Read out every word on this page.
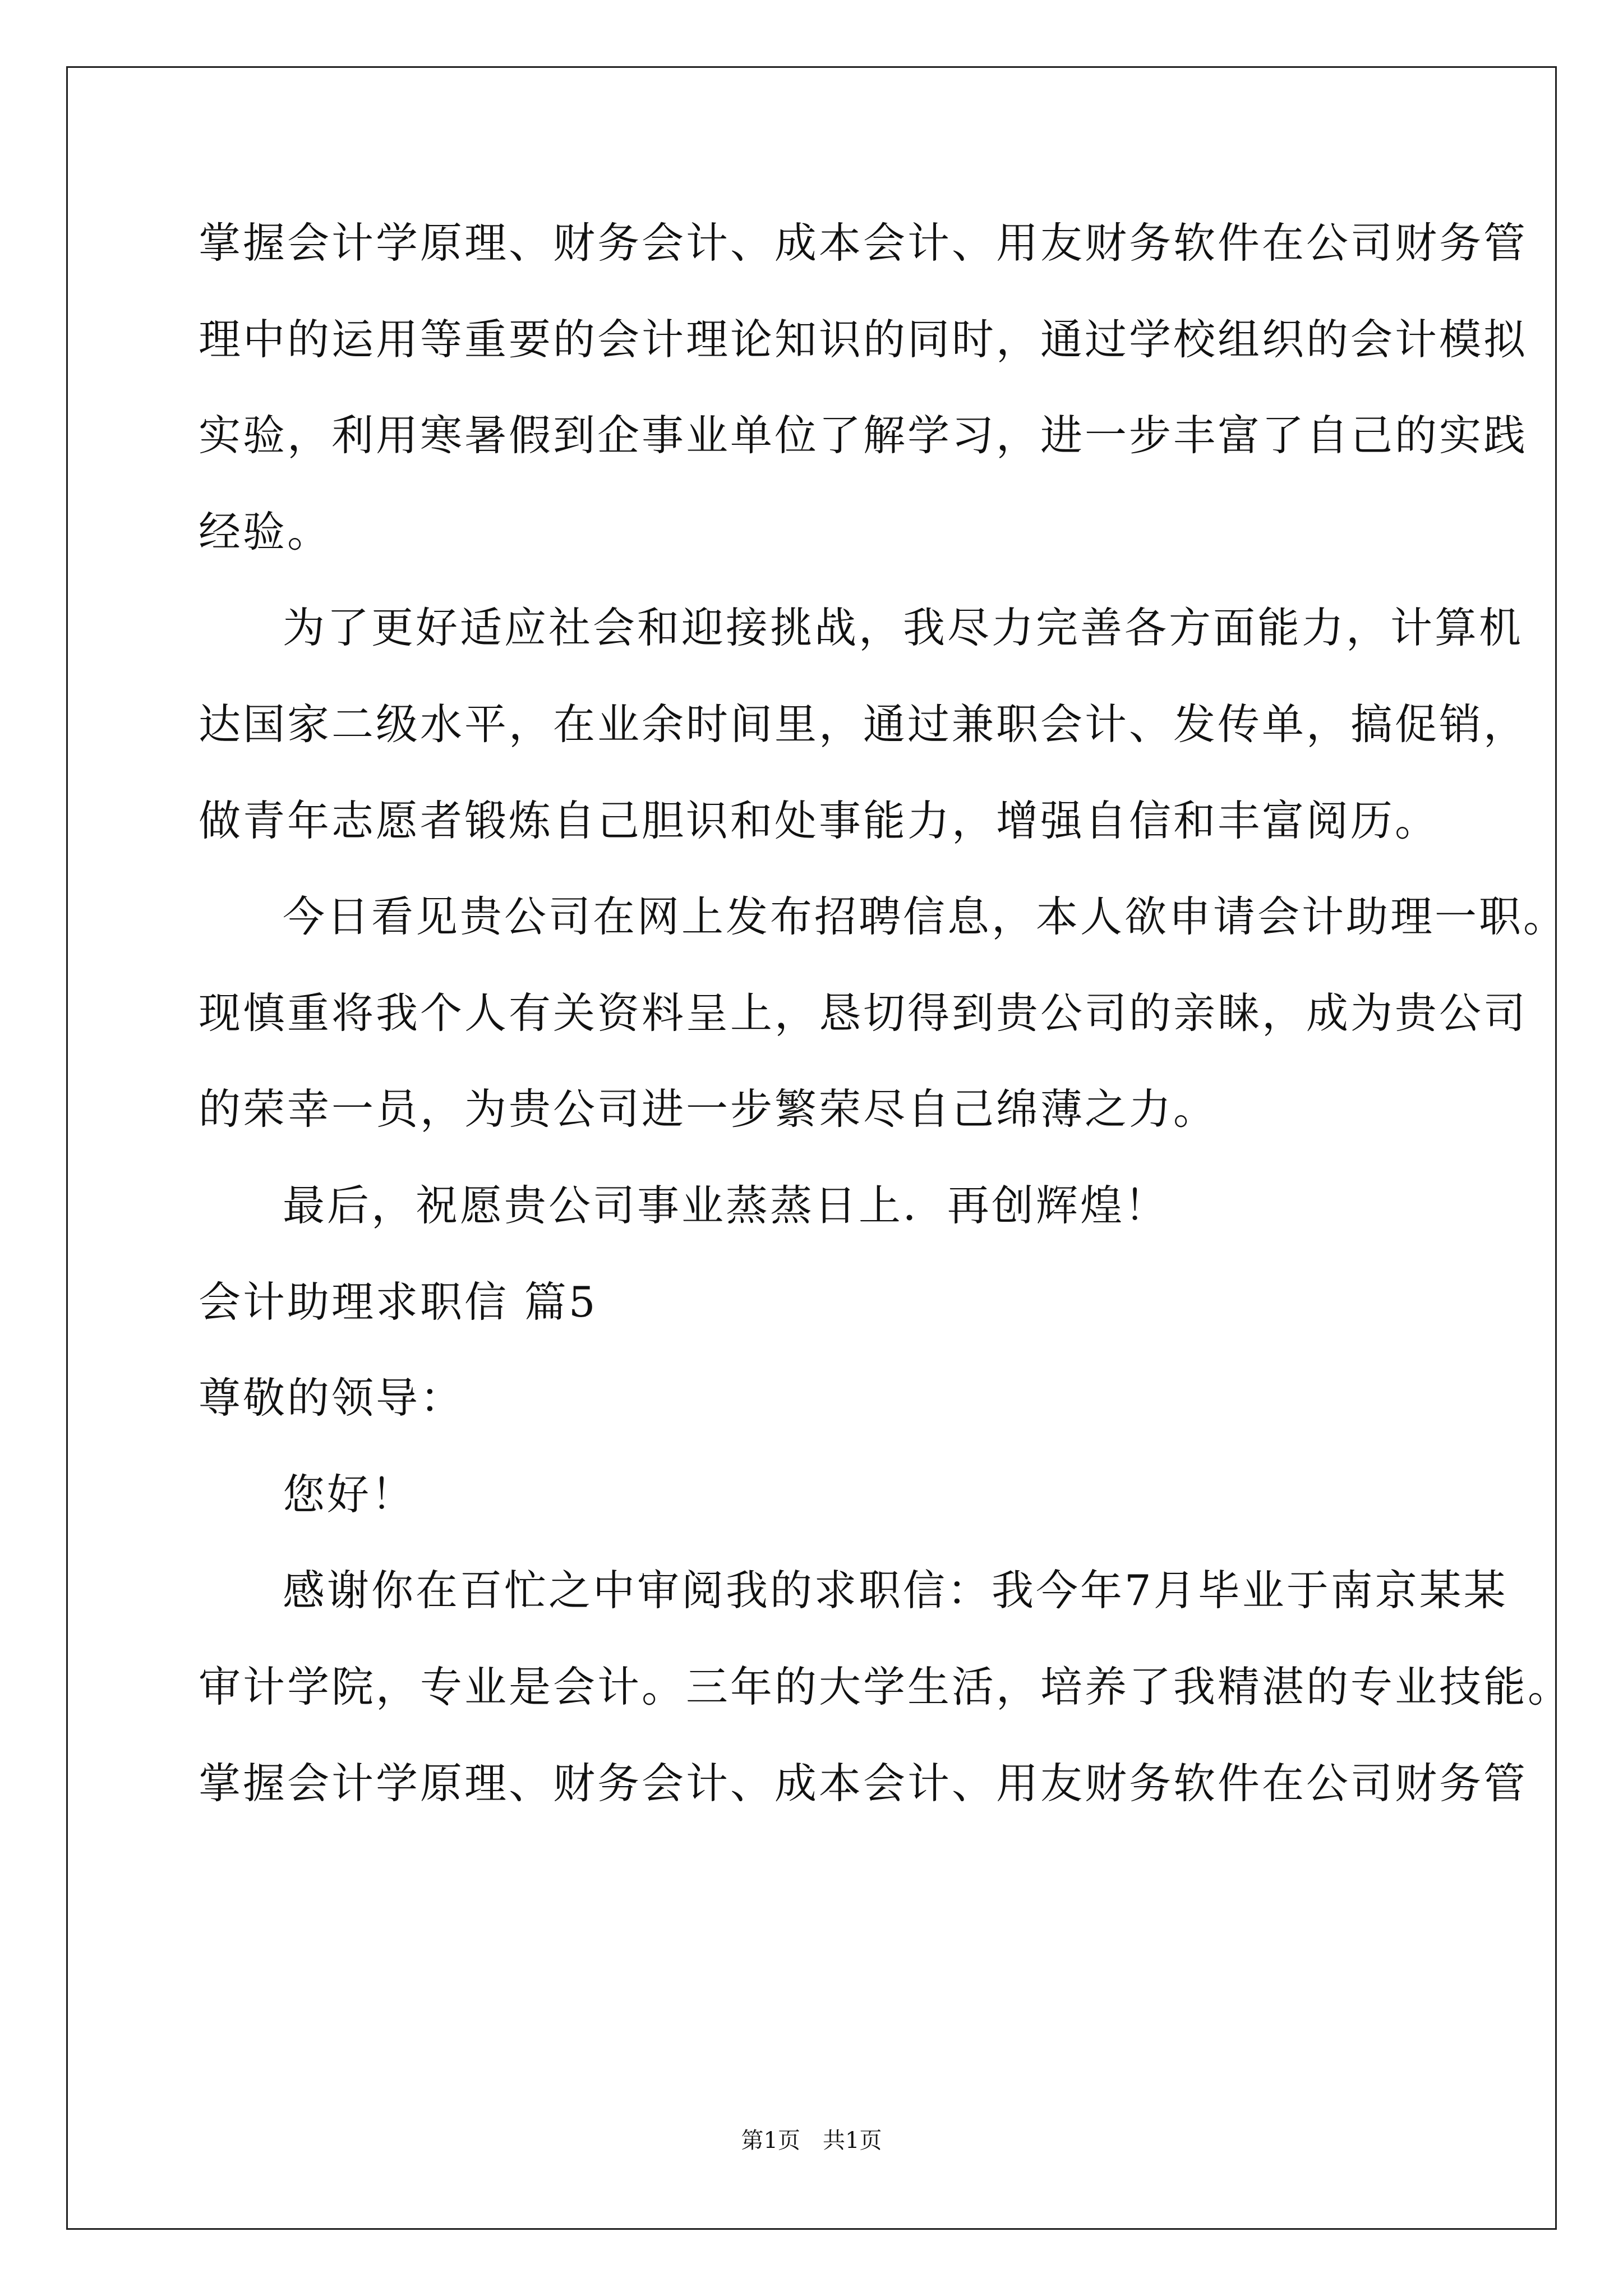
掌握会计学原理、财务会计、成本会计、用友财务软件在公司财务管
理中的运用等重要的会计理论知识的同时，通过学校组织的会计模拟
实验，利用寒暑假到企事业单位了解学习，进一步丰富了自己的实践
经验。
为了更好适应社会和迎接挑战，我尽力完善各方面能力，计算机
达国家二级水平，在业余时间里，通过兼职会计、发传单，搞促销，
做青年志愿者锻炼自己胆识和处事能力，增强自信和丰富阅历。
今日看见贵公司在网上发布招聘信息，本人欲申请会计助理一职。
现慎重将我个人有关资料呈上，恳切得到贵公司的亲睐，成为贵公司
的荣幸一员，为贵公司进一步繁荣尽自己绵薄之力。
最后，祝愿贵公司事业蒸蒸日上．再创辉煌！
会计助理求职信 篇5
尊敬的领导：
您好！
感谢你在百忙之中审阅我的求职信：我今年7月毕业于南京某某
审计学院，专业是会计。三年的大学生活，培养了我精湛的专业技能。
掌握会计学原理、财务会计、成本会计、用友财务软件在公司财务管
第1页　共1页
